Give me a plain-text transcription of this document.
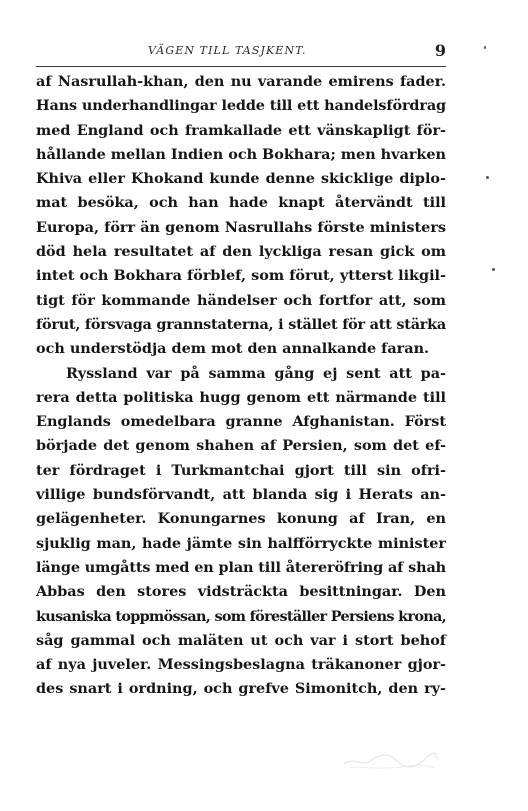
VÄGEN TILL TASJKENT.	9
af Nasrullah-khan, den nu varande emirens fader.
Hans underhandlingar ledde till ett handelsfördrag
med England och framkallade ett vänskapligt för-
hållande mellan Indien och Bokhara; men hvarken
Khiva eller Khokand kunde denne skicklige diplo-
mat besöka, och han hade knapt återvändt till
Europa, förr än genom Nasrullahs förste ministers
död hela resultatet af den lyckliga resan gick om
intet och Bokhara förblef, som förut, ytterst likgil-
tigt för kommande händelser och fortfor att, som
förut, försvaga grannstaterna, i stället för att stärka
och understödja dem mot den annalkande faran.
Ryssland var på samma gång ej sent att pa-
rera detta politiska hugg genom ett närmande till
Englands omedelbara granne Afghanistan. Först
började det genom shahen af Persien, som det ef-
ter fördraget i Turkmantchai gjort till sin ofri-
villige bundsförvandt, att blanda sig i Herats an-
gelägenheter. Konungarnes konung af Iran, en
sjuklig man, hade jämte sin halfförryckte minister
länge umgåtts med en plan till återeröfring af shah
Abbas den stores vidsträckta besittningar. Den
kusaniska toppmössan, som föreställer Persiens krona,
såg gammal och maläten ut och var i stort behof
af nya juveler. Messingsbeslagna träkanoner gjor-
des snart i ordning, och grefve Simonitch, den ry-
